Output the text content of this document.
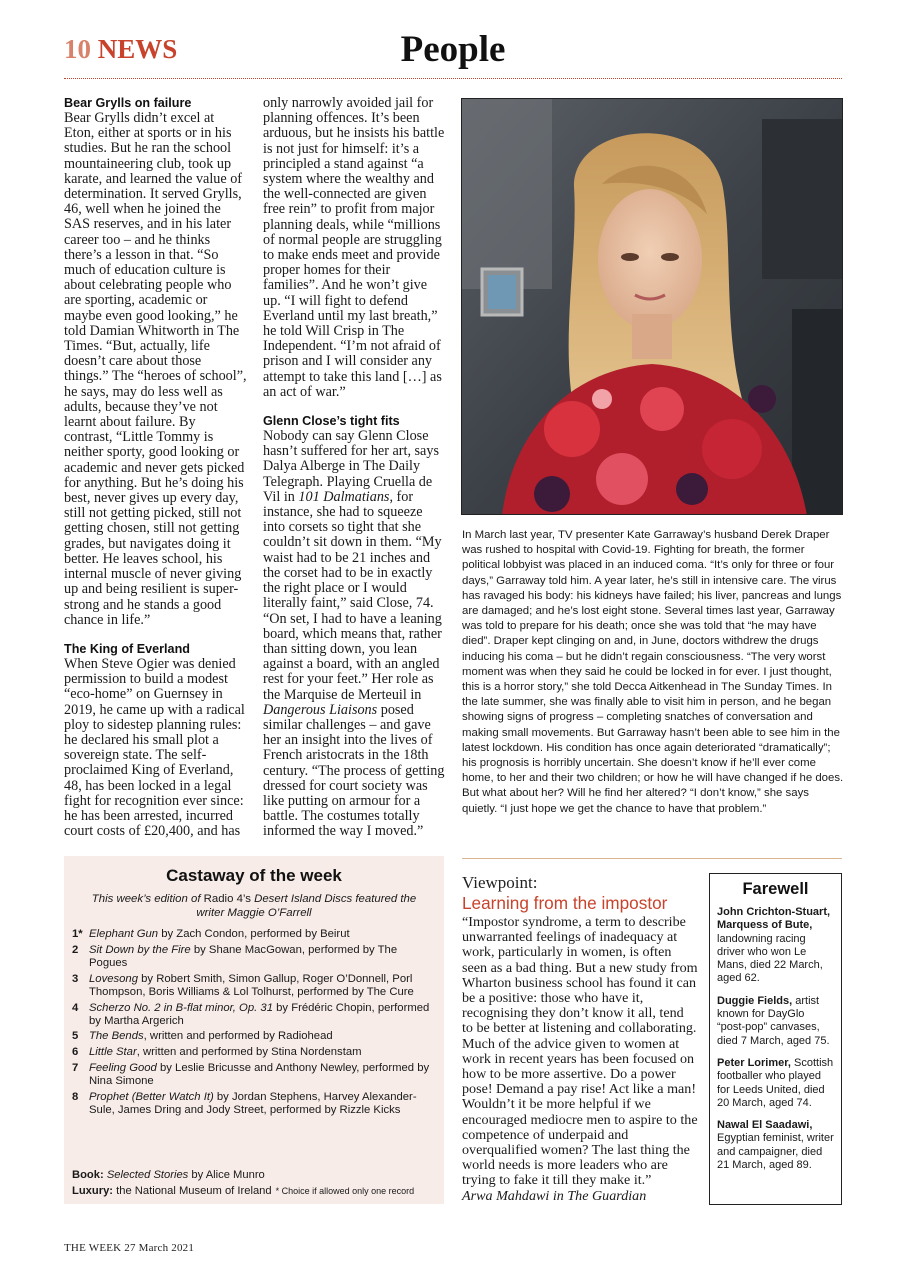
People
10 NEWS
Bear Grylls on failure

Bear Grylls didn’t excel at Eton, either at sports or in his studies. But he ran the school mountaineering club, took up karate, and learned the value of determination. It served Grylls, 46, well when he joined the SAS reserves, and in his later career too – and he thinks there’s a lesson in that. “So much of education culture is about celebrating people who are sporting, academic or maybe even good looking,” he told Damian Whitworth in The Times. “But, actually, life doesn’t care about those things.” The “heroes of school”, he says, may do less well as adults, because they’ve not learnt about failure. By contrast, “Little Tommy is neither sporty, good looking or academic and never gets picked for anything. But he’s doing his best, never gives up every day, still not getting picked, still not getting chosen, still not getting grades, but navigates doing it better. He leaves school, his internal muscle of never giving up and being resilient is super-strong and he stands a good chance in life.”

The King of Everland

When Steve Ogier was denied permission to build a modest “eco-home” on Guernsey in 2019, he came up with a radical ploy to sidestep planning rules: he declared his small plot a sovereign state. The self-proclaimed King of Everland, 48, has been locked in a legal fight for recognition ever since: he has been arrested, incurred court costs of £20,400, and has

only narrowly avoided jail for planning offences. It’s been arduous, but he insists his battle is not just for himself: it’s a principled a stand against “a system where the wealthy and the well-connected are given free rein” to profit from major planning deals, while “millions of normal people are struggling to make ends meet and provide proper homes for their families”. And he won’t give up. “I will fight to defend Everland until my last breath,” he told Will Crisp in The Independent. “I’m not afraid of prison and I will consider any attempt to take this land […] as an act of war.”

Glenn Close’s tight fits

Nobody can say Glenn Close hasn’t suffered for her art, says Dalya Alberge in The Daily Telegraph. Playing Cruella de Vil in 101 Dalmatians, for instance, she had to squeeze into corsets so tight that she couldn’t sit down in them. “My waist had to be 21 inches and the corset had to be in exactly the right place or I would literally faint,” said Close, 74. “On set, I had to have a leaning board, which means that, rather than sitting down, you lean against a board, with an angled rest for your feet.” Her role as the Marquise de Merteuil in Dangerous Liaisons posed similar challenges – and gave her an insight into the lives of French aristocrats in the 18th century. “The process of getting dressed for court society was like putting on armour for a battle. The costumes totally informed the way I moved.”

In March last year, TV presenter Kate Garraway’s husband Derek Draper was rushed to hospital with Covid-19. Fighting for breath, the former political lobbyist was placed in an induced coma. “It’s only for three or four days,” Garraway told him. A year later, he’s still in intensive care. The virus has ravaged his body: his kidneys have failed; his liver, pancreas and lungs are damaged; and he’s lost eight stone. Several times last year, Garraway was told to prepare for his death; once she was told that “he may have died”. Draper kept clinging on and, in June, doctors withdrew the drugs inducing his coma – but he didn’t regain consciousness. “The very worst moment was when they said he could be locked in for ever. I just thought, this is a horror story,” she told Decca Aitkenhead in The Sunday Times. In the late summer, she was finally able to visit him in person, and he began showing signs of progress – completing snatches of conversation and making small movements. But Garraway hasn’t been able to see him in the latest lockdown. His condition has once again deteriorated “dramatically”; his prognosis is horribly uncertain. She doesn’t know if he’ll ever come home, to her and their two children; or how he will have changed if he does. But what about her? Will he find her altered? “I don’t know,” she says quietly. “I just hope we get the chance to have that problem.”
Castaway of the week
This week’s edition of Radio 4’s Desert Island Discs featured the writer Maggie O’Farrell
1* Elephant Gun by Zach Condon, performed by Beirut
2 Sit Down by the Fire by Shane MacGowan, performed by The Pogues
3 Lovesong by Robert Smith, Simon Gallup, Roger O’Donnell, Porl Thompson, Boris Williams & Lol Tolhurst, performed by The Cure
4 Scherzo No. 2 in B-flat minor, Op. 31 by Frédéric Chopin, performed by Martha Argerich
5 The Bends, written and performed by Radiohead
6 Little Star, written and performed by Stina Nordenstam
7 Feeling Good by Leslie Bricusse and Anthony Newley, performed by Nina Simone
8 Prophet (Better Watch It) by Jordan Stephens, Harvey Alexander-Sule, James Dring and Jody Street, performed by Rizzle Kicks
Book: Selected Stories by Alice Munro
Luxury: the National Museum of Ireland * Choice if allowed only one record
Viewpoint:
Learning from the impostor
“Impostor syndrome, a term to describe unwarranted feelings of inadequacy at work, particularly in women, is often seen as a bad thing. But a new study from Wharton business school has found it can be a positive: those who have it, recognising they don’t know it all, tend to be better at listening and collaborating. Much of the advice given to women at work in recent years has been focused on how to be more assertive. Do a power pose! Demand a pay rise! Act like a man! Wouldn’t it be more helpful if we encouraged mediocre men to aspire to the competence of underpaid and overqualified women? The last thing the world needs is more leaders who are trying to fake it till they make it.”
Arwa Mahdawi in The Guardian
Farewell
John Crichton-Stuart, Marquess of Bute, landowning racing driver who won Le Mans, died 22 March, aged 62.
Duggie Fields, artist known for DayGlo “post-pop” canvases, died 7 March, aged 75.
Peter Lorimer, Scottish footballer who played for Leeds United, died 20 March, aged 74.
Nawal El Saadawi, Egyptian feminist, writer and campaigner, died 21 March, aged 89.
THE WEEK 27 March 2021
